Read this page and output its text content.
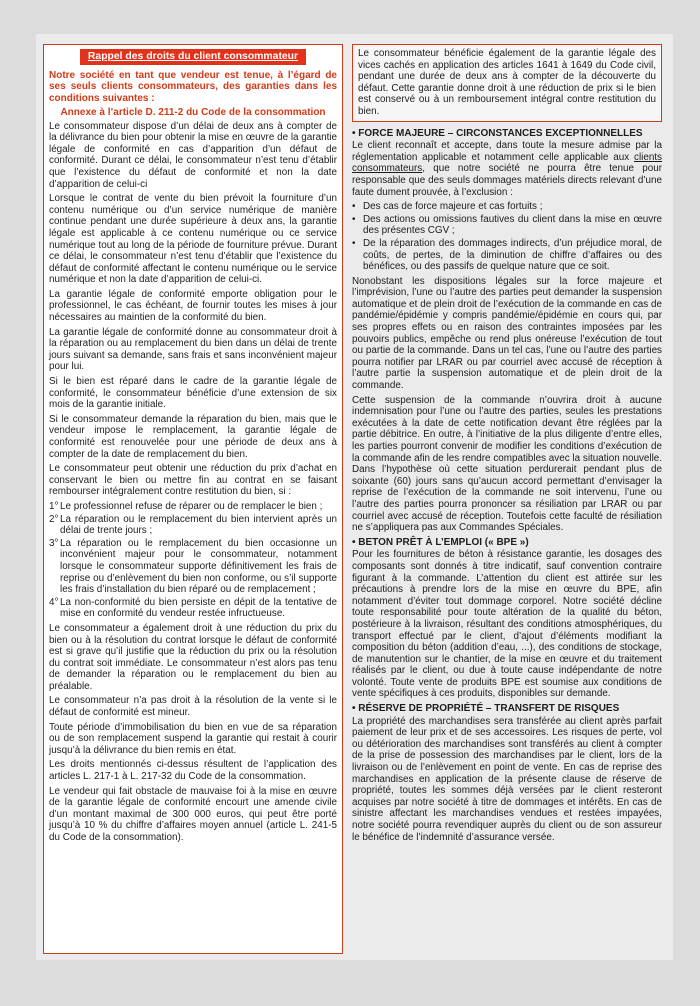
Rappel des droits du client consommateur

Notre société en tant que vendeur est tenue, à l’égard de ses seuls clients consommateurs, des garanties dans les conditions suivantes :

Annexe à l’article D. 211-2 du Code de la consommation

Le consommateur dispose d’un délai de deux ans à compter de la délivrance du bien pour obtenir la mise en œuvre de la garantie légale de conformité en cas d’apparition d’un défaut de conformité. Durant ce délai, le consommateur n’est tenu d’établir que l’existence du défaut de conformité et non la date d’apparition de celui-ci

Lorsque le contrat de vente du bien prévoit la fourniture d’un contenu numérique ou d’un service numérique de manière continue pendant une durée supérieure à deux ans, la garantie légale est applicable à ce contenu numérique ou ce service numérique tout au long de la période de fourniture prévue. Durant ce délai, le consommateur n’est tenu d’établir que l’existence du défaut de conformité affectant le contenu numérique ou le service numérique et non la date d’apparition de celui-ci.

La garantie légale de conformité emporte obligation pour le professionnel, le cas échéant, de fournir toutes les mises à jour nécessaires au maintien de la conformité du bien.

La garantie légale de conformité donne au consommateur droit à la réparation ou au remplacement du bien dans un délai de trente jours suivant sa demande, sans frais et sans inconvénient majeur pour lui.

Si le bien est réparé dans le cadre de la garantie légale de conformité, le consommateur bénéficie d’une extension de six mois de la garantie initiale.

Si le consommateur demande la réparation du bien, mais que le vendeur impose le remplacement, la garantie légale de conformité est renouvelée pour une période de deux ans à compter de la date de remplacement du bien.

Le consommateur peut obtenir une réduction du prix d’achat en conservant le bien ou mettre fin au contrat en se faisant rembourser intégralement contre restitution du bien, si :

1° Le professionnel refuse de réparer ou de remplacer le bien ;
2° La réparation ou le remplacement du bien intervient après un délai de trente jours ;
3° La réparation ou le remplacement du bien occasionne un inconvénient majeur pour le consommateur, notamment lorsque le consommateur supporte définitivement les frais de reprise ou d’enlèvement du bien non conforme, ou s’il supporte les frais d’installation du bien réparé ou de remplacement ;
4° La non-conformité du bien persiste en dépit de la tentative de mise en conformité du vendeur restée infructueuse.

Le consommateur a également droit à une réduction du prix du bien ou à la résolution du contrat lorsque le défaut de conformité est si grave qu’il justifie que la réduction du prix ou la résolution du contrat soit immédiate. Le consommateur n’est alors pas tenu de demander la réparation ou le remplacement du bien au préalable.

Le consommateur n’a pas droit à la résolution de la vente si le défaut de conformité est mineur.

Toute période d’immobilisation du bien en vue de sa réparation ou de son remplacement suspend la garantie qui restait à courir jusqu’à la délivrance du bien remis en état.

Les droits mentionnés ci-dessus résultent de l’application des articles L. 217-1 à L. 217-32 du Code de la consommation.

Le vendeur qui fait obstacle de mauvaise foi à la mise en œuvre de la garantie légale de conformité encourt une amende civile d’un montant maximal de 300 000 euros, qui peut être porté jusqu’à 10 % du chiffre d’affaires moyen annuel (article L. 241-5 du Code de la consommation).

Le consommateur bénéficie également de la garantie légale des vices cachés en application des articles 1641 à 1649 du Code civil, pendant une durée de deux ans à compter de la découverte du défaut. Cette garantie donne droit à une réduction de prix si le bien est conservé ou à un remboursement intégral contre restitution du bien.

• FORCE MAJEURE – CIRCONSTANCES EXCEPTIONNELLES

Le client reconnaît et accepte, dans toute la mesure admise par la réglementation applicable et notamment celle applicable aux clients consommateurs, que notre société ne pourra être tenue pour responsable que des seuls dommages matériels directs relevant d’une faute dument prouvée, à l’exclusion :

• Des cas de force majeure et cas fortuits ;
• Des actions ou omissions fautives du client dans la mise en œuvre des présentes CGV ;
• De la réparation des dommages indirects, d’un préjudice moral, de coûts, de pertes, de la diminution de chiffre d’affaires ou des bénéfices, ou des passifs de quelque nature que ce soit.

Nonobstant les dispositions légales sur la force majeure et l’imprévision, l’une ou l’autre des parties peut demander la suspension automatique et de plein droit de l’exécution de la commande en cas de pandémie/épidémie y compris pandémie/épidémie en cours qui, par ses propres effets ou en raison des contraintes imposées par les pouvoirs publics, empêche ou rend plus onéreuse l’exécution de tout ou partie de la commande. Dans un tel cas, l’une ou l’autre des parties pourra notifier par LRAR ou par courriel avec accusé de réception à l’autre partie la suspension automatique et de plein droit de la commande.

Cette suspension de la commande n’ouvrira droit à aucune indemnisation pour l’une ou l’autre des parties, seules les prestations exécutées à la date de cette notification devant être réglées par la partie débitrice. En outre, à l’initiative de la plus diligente d’entre elles, les parties pourront convenir de modifier les conditions d’exécution de la commande afin de les rendre compatibles avec la situation nouvelle. Dans l’hypothèse où cette situation perdurerait pendant plus de soixante (60) jours sans qu’aucun accord permettant d’envisager la reprise de l’exécution de la commande ne soit intervenu, l’une ou l’autre des parties pourra prononcer sa résiliation par LRAR ou par courriel avec accusé de réception. Toutefois cette faculté de résiliation ne s’appliquera pas aux Commandes Spéciales.

• BETON PRÊT À L’EMPLOI (« BPE »)

Pour les fournitures de béton à résistance garantie, les dosages des composants sont donnés à titre indicatif, sauf convention contraire figurant à la commande. L’attention du client est attirée sur les précautions à prendre lors de la mise en œuvre du BPE, afin notamment d’éviter tout dommage corporel. Notre société décline toute responsabilité pour toute altération de la qualité du béton, postérieure à la livraison, résultant des conditions atmosphériques, du transport effectué par le client, d’ajout d’éléments modifiant la composition du béton (addition d’eau, ...), des conditions de stockage, de manutention sur le chantier, de la mise en œuvre et du traitement réalisés par le client, ou due à toute cause indépendante de notre volonté. Toute vente de produits BPE est soumise aux conditions de vente spécifiques à ces produits, disponibles sur demande.

• RÉSERVE DE PROPRIÉTÉ – TRANSFERT DE RISQUES

La propriété des marchandises sera transférée au client après parfait paiement de leur prix et de ses accessoires. Les risques de perte, vol ou détérioration des marchandises sont transférés au client à compter de la prise de possession des marchandises par le client, lors de la livraison ou de l’enlèvement en point de vente. En cas de reprise des marchandises en application de la présente clause de réserve de propriété, toutes les sommes déjà versées par le client resteront acquises par notre société à titre de dommages et intérêts. En cas de sinistre affectant les marchandises vendues et restées impayées, notre société pourra revendiquer auprès du client ou de son assureur le bénéfice de l’indemnité d’assurance versée.
